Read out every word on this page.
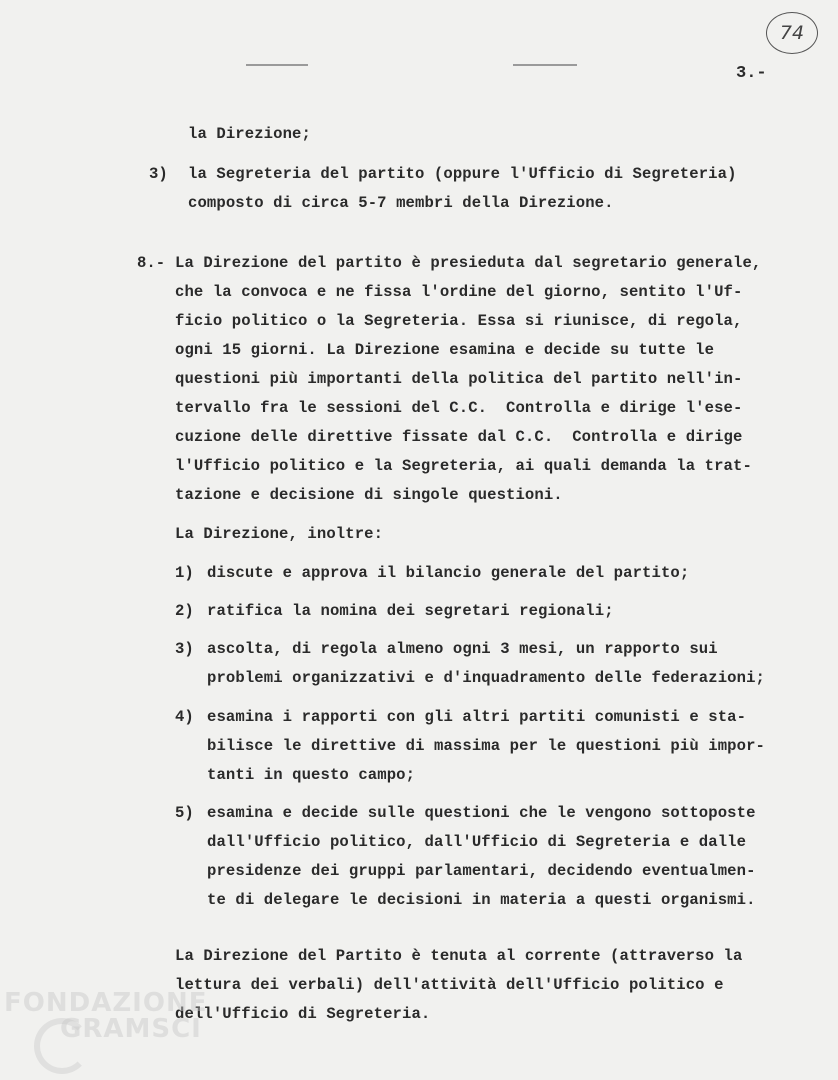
74
3.-
la Direzione;
3) la Segreteria del partito (oppure l'Ufficio di Segreteria)
composto di circa 5-7 membri della Direzione.
8.- La Direzione del partito è presieduta dal segretario generale,
che la convoca e ne fissa l'ordine del giorno, sentito l'Uf-
ficio politico o la Segreteria. Essa si riunisce, di regola,
ogni 15 giorni. La Direzione esamina e decide su tutte le
questioni più importanti della politica del partito nell'in-
tervallo fra le sessioni del C.C.  Controlla e dirige l'ese-
cuzione delle direttive fissate dal C.C.  Controlla e dirige
l'Ufficio politico e la Segreteria, ai quali demanda la trat-
tazione e decisione di singole questioni.
La Direzione, inoltre:
1) discute e approva il bilancio generale del partito;
2) ratifica la nomina dei segretari regionali;
3) ascolta, di regola almeno ogni 3 mesi, un rapporto sui
problemi organizzativi e d'inquadramento delle federazioni;
4) esamina i rapporti con gli altri partiti comunisti e sta-
bilisce le direttive di massima per le questioni più impor-
tanti in questo campo;
5) esamina e decide sulle questioni che le vengono sottoposte
dall'Ufficio politico, dall'Ufficio di Segreteria e dalle
presidenze dei gruppi parlamentari, decidendo eventualmen-
te di delegare le decisioni in materia a questi organismi.
La Direzione del Partito è tenuta al corrente (attraverso la
lettura dei verbali) dell'attività dell'Ufficio politico e
dell'Ufficio di Segreteria.
FONDAZIONE
GRAMSCI
